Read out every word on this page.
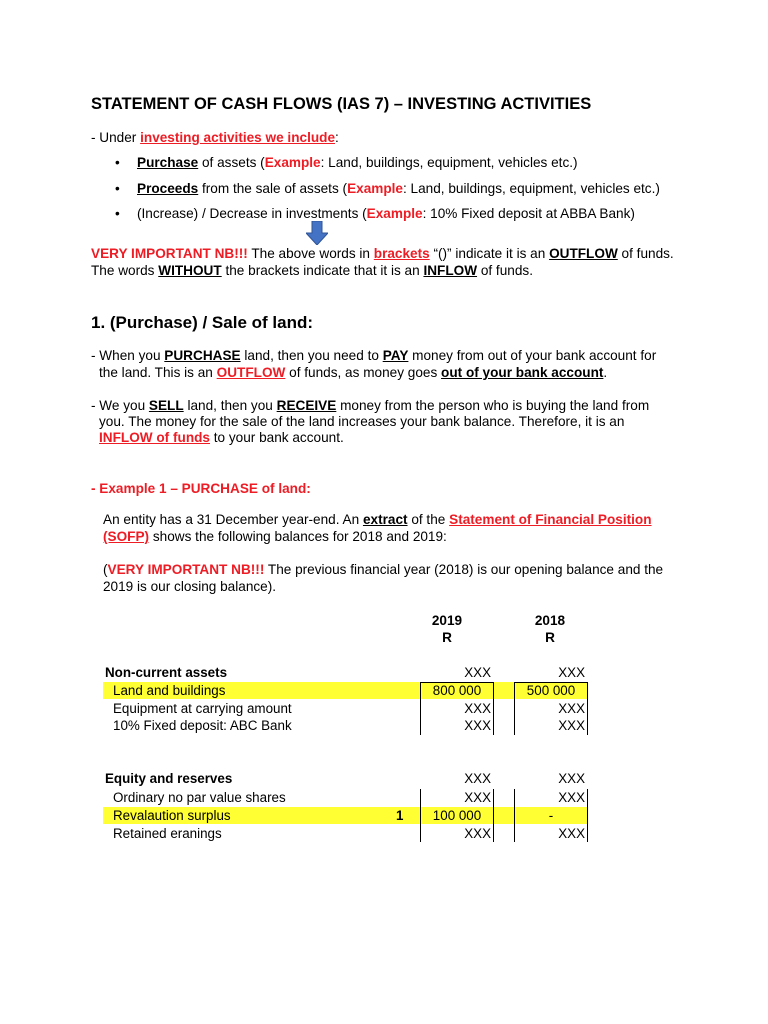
STATEMENT OF CASH FLOWS (IAS 7) – INVESTING ACTIVITIES
- Under investing activities we include:
• Purchase of assets (Example: Land, buildings, equipment, vehicles etc.)
• Proceeds from the sale of assets (Example: Land, buildings, equipment, vehicles etc.)
• (Increase) / Decrease in investments (Example: 10% Fixed deposit at ABBA Bank)
VERY IMPORTANT NB!!! The above words in brackets “()” indicate it is an OUTFLOW of funds.
The words WITHOUT the brackets indicate that it is an INFLOW of funds.
1. (Purchase) / Sale of land:
- When you PURCHASE land, then you need to PAY money from out of your bank account for
the land. This is an OUTFLOW of funds, as money goes out of your bank account.
- We you SELL land, then you RECEIVE money from the person who is buying the land from
you. The money for the sale of the land increases your bank balance. Therefore, it is an
INFLOW of funds to your bank account.
- Example 1 – PURCHASE of land:
An entity has a 31 December year-end. An extract of the Statement of Financial Position
(SOFP) shows the following balances for 2018 and 2019:
(VERY IMPORTANT NB!!! The previous financial year (2018) is our opening balance and the
2019 is our closing balance).
2019
R
2018
R
Non-current assets	XXX	XXX
Land and buildings	800 000	500 000
Equipment at carrying amount	XXX	XXX
10% Fixed deposit: ABC Bank	XXX	XXX
Equity and reserves	XXX	XXX
Ordinary no par value shares	XXX	XXX
Revalaution surplus	1	100 000	-
Retained eranings	XXX	XXX
